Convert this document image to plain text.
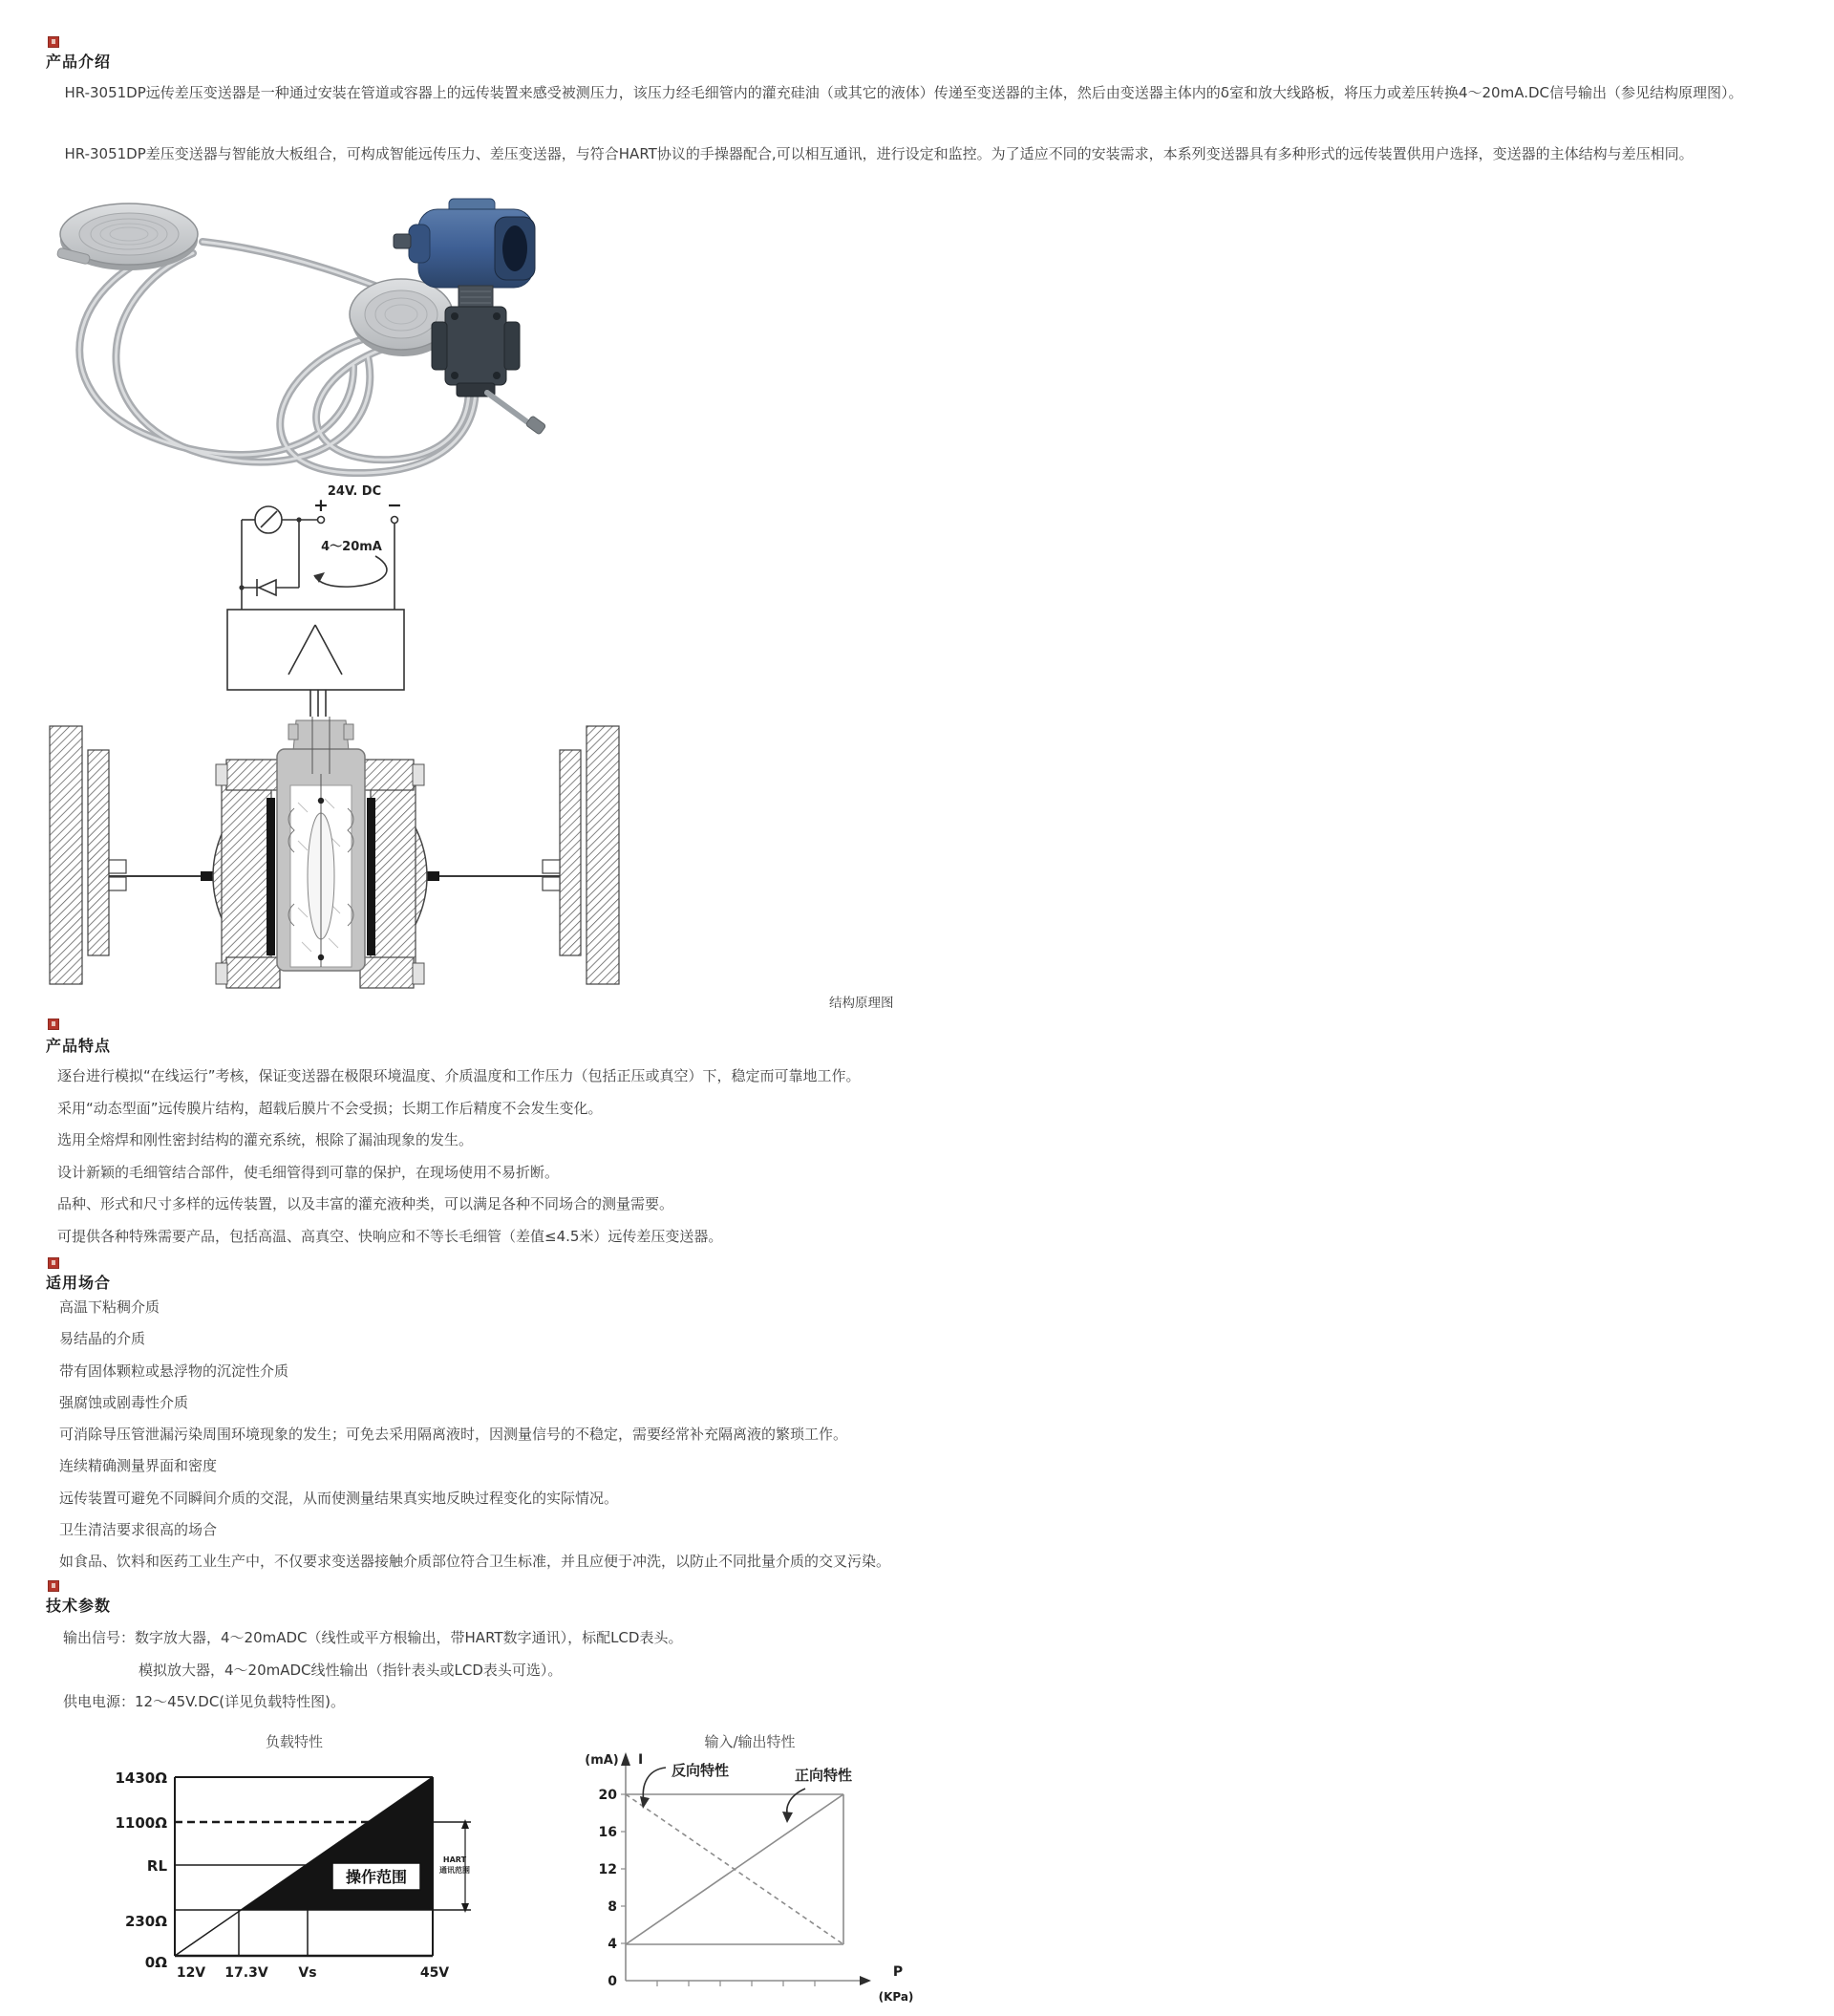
产品介绍

HR-3051DP远传差压变送器是一种通过安装在管道或容器上的远传装置来感受被测压力，该压力经毛细管内的灌充硅油（或其它的液体）传递至变送器的主体，然后由变送器主体内的δ室和放大线路板，将压力或差压转换4～20mA.DC信号输出（参见结构原理图）。

HR-3051DP差压变送器与智能放大板组合，可构成智能远传压力、差压变送器，与符合HART协议的手操器配合,可以相互通讯，进行设定和监控。为了适应不同的安装需求，本系列变送器具有多种形式的远传装置供用户选择，变送器的主体结构与差压相同。

24V. DC
+	−
4～20mA
结构原理图
产品特点
逐台进行模拟“在线运行”考核，保证变送器在极限环境温度、介质温度和工作压力（包括正压或真空）下，稳定而可靠地工作。
采用“动态型面”远传膜片结构，超载后膜片不会受损；长期工作后精度不会发生变化。
选用全熔焊和刚性密封结构的灌充系统，根除了漏油现象的发生。
设计新颖的毛细管结合部件，使毛细管得到可靠的保护，在现场使用不易折断。
品种、形式和尺寸多样的远传装置，以及丰富的灌充液种类，可以满足各种不同场合的测量需要。
可提供各种特殊需要产品，包括高温、高真空、快响应和不等长毛细管（差值≤4.5米）远传差压变送器。
适用场合
高温下粘稠介质
易结晶的介质
带有固体颗粒或悬浮物的沉淀性介质
强腐蚀或剧毒性介质
可消除导压管泄漏污染周围环境现象的发生；可免去采用隔离液时，因测量信号的不稳定，需要经常补充隔离液的繁琐工作。
连续精确测量界面和密度
远传装置可避免不同瞬间介质的交混，从而使测量结果真实地反映过程变化的实际情况。
卫生清洁要求很高的场合
如食品、饮料和医药工业生产中，不仅要求变送器接触介质部位符合卫生标准，并且应便于冲洗，以防止不同批量介质的交叉污染。
技术参数
输出信号：数字放大器，4～20mADC（线性或平方根输出，带HART数字通讯），标配LCD表头。
模拟放大器，4～20mADC线性输出（指针表头或LCD表头可选）。
供电电源：12～45V.DC(详见负载特性图)。
负载特性	输入/输出特性
操作范围
HART
通讯范围
1430Ω
1100Ω
RL
230Ω
0Ω
12V 17.3V Vs	45V
(mA) I
反向特性	正向特性
20
16
12
8
4
0
P
(KPa)
